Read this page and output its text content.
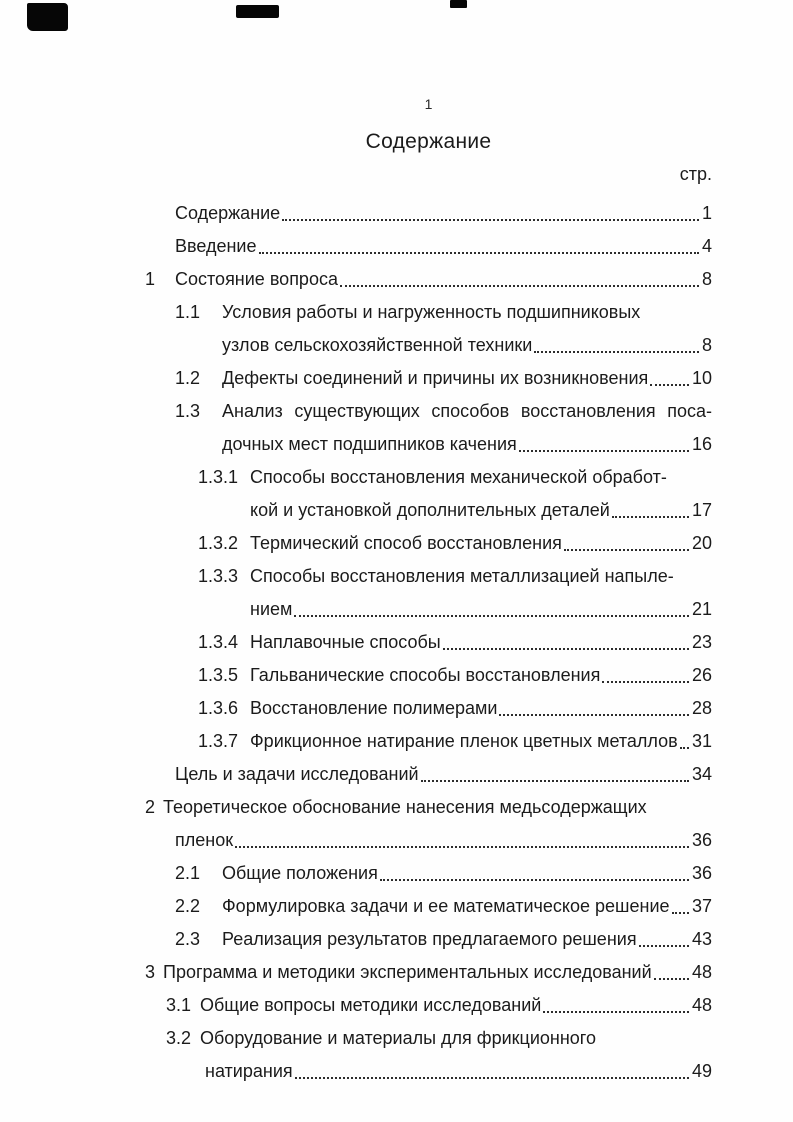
1
Содержание
стр.
Содержание	1
Введение	4
1	Состояние вопроса	8
1.1	Условия работы и нагруженность подшипниковых
узлов сельскохозяйственной техники	8
1.2	Дефекты соединений и причины их возникновения 10
1.3	Анализ существующих способов восстановления поса-
дочных мест подшипников качения	16
1.3.1 Способы восстановления механической обработ-
кой и установкой дополнительных деталей	17
1.3.2 Термический способ восстановления	20
1.3.3 Способы восстановления металлизацией напыле-
нием	21
1.3.4 Наплавочные способы	23
1.3.5 Гальванические способы восстановления	26
1.3.6 Восстановление полимерами	28
1.3.7 Фрикционное натирание пленок цветных металлов 31
Цель и задачи исследований	34
2 Теоретическое обоснование нанесения медьсодержащих
пленок	36
2.1	Общие положения	36
2.2	Формулировка задачи и ее математическое решение 37
2.3	Реализация результатов предлагаемого решения	43
3 Программа и методики экспериментальных исследований 48
3.1 Общие вопросы методики исследований	48
3.2 Оборудование и материалы для фрикционного
натирания	49
